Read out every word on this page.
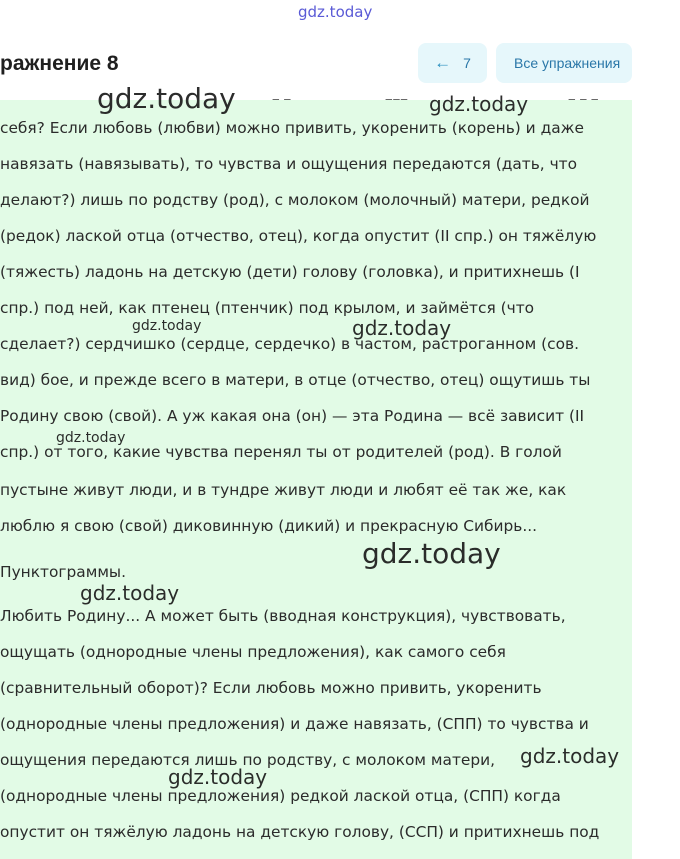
gdz.today
ражнение 8	← 7	Все упражнения
себя? Если любовь (любви) можно привить, укоренить (корень) и даже
навязать (навязывать), то чувства и ощущения передаются (дать, что
делают?) лишь по родству (род), с молоком (молочный) матери, редкой
(редок) лаской отца (отчество, отец), когда опустит (II спр.) он тяжёлую
(тяжесть) ладонь на детскую (дети) голову (головка), и притихнешь (I
спр.) под ней, как птенец (птенчик) под крылом, и займётся (что
сделает?) сердчишко (сердце, сердечко) в частом, растроганном (сов.
вид) бое, и прежде всего в матери, в отце (отчество, отец) ощутишь ты
Родину свою (свой). А уж какая она (он) — эта Родина — всё зависит (II
спр.) от того, какие чувства перенял ты от родителей (род). В голой
пустыне живут люди, и в тундре живут люди и любят её так же, как
люблю я свою (свой) диковинную (дикий) и прекрасную Сибирь...
Пунктограммы.
Любить Родину... А может быть (вводная конструкция), чувствовать,
ощущать (однородные члены предложения), как самого себя
(сравнительный оборот)? Если любовь можно привить, укоренить
(однородные члены предложения) и даже навязать, (СПП) то чувства и
ощущения передаются лишь по родству, с молоком матери,
(однородные члены предложения) редкой лаской отца, (СПП) когда
опустит он тяжёлую ладонь на детскую голову, (ССП) и притихнешь под
‒ ‒	‒‒‒	‒ ‒ ‒
gdz.today	gdz.today
gdz.today	gdz.today
gdz.today
gdz.today
gdz.today
gdz.today
gdz.today
